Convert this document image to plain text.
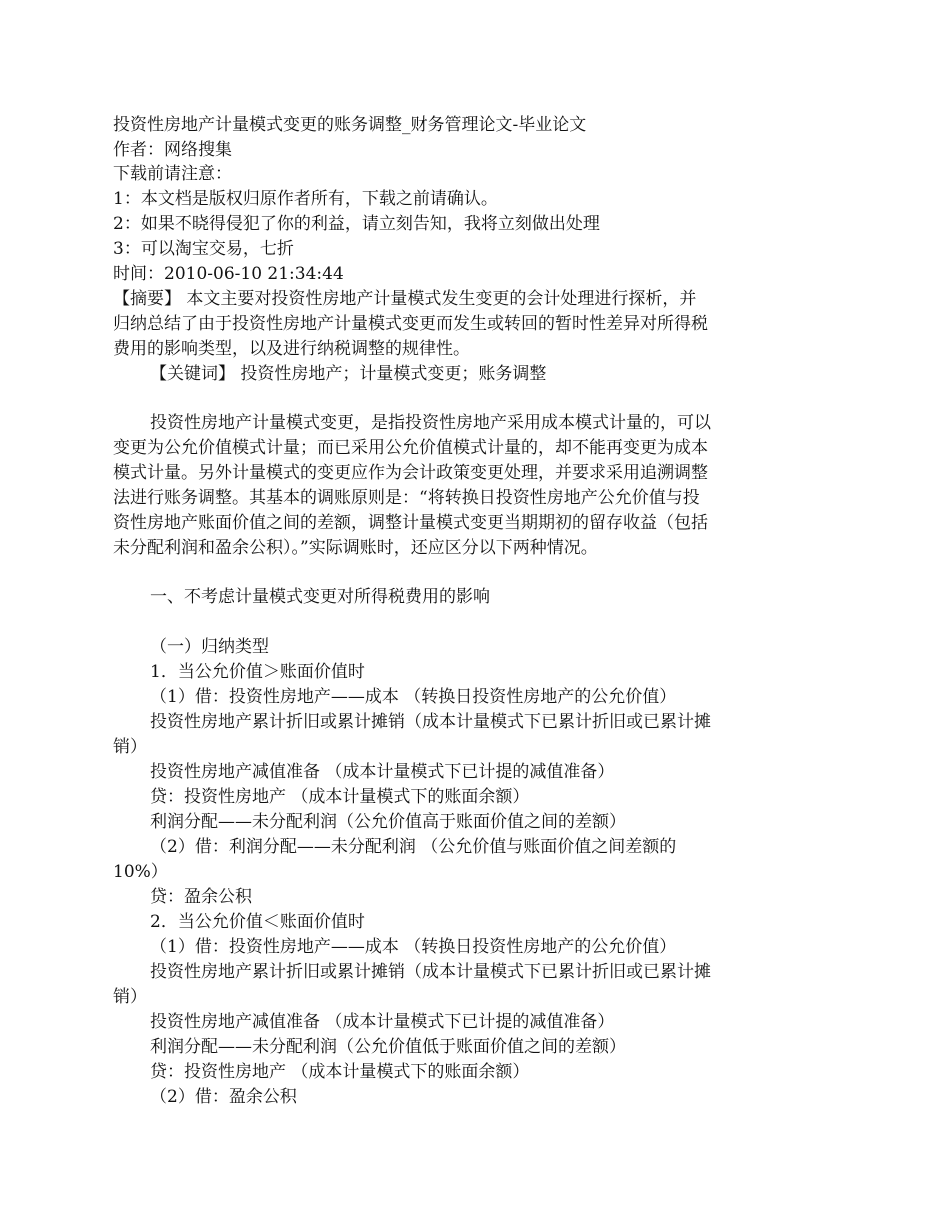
投资性房地产计量模式变更的账务调整_财务管理论文-毕业论文
作者：网络搜集
下载前请注意：
1：本文档是版权归原作者所有，下载之前请确认。
2：如果不晓得侵犯了你的利益，请立刻告知，我将立刻做出处理
3：可以淘宝交易，七折
时间：2010-06-10 21:34:44
【摘要】 本文主要对投资性房地产计量模式发生变更的会计处理进行探析，并
归纳总结了由于投资性房地产计量模式变更而发生或转回的暂时性差异对所得税
费用的影响类型，以及进行纳税调整的规律性。
【关键词】 投资性房地产；计量模式变更；账务调整
投资性房地产计量模式变更，是指投资性房地产采用成本模式计量的，可以
变更为公允价值模式计量；而已采用公允价值模式计量的，却不能再变更为成本
模式计量。另外计量模式的变更应作为会计政策变更处理，并要求采用追溯调整
法进行账务调整。其基本的调账原则是：“将转换日投资性房地产公允价值与投
资性房地产账面价值之间的差额，调整计量模式变更当期期初的留存收益（包括
未分配利润和盈余公积）。”实际调账时，还应区分以下两种情况。
一、不考虑计量模式变更对所得税费用的影响
（一）归纳类型
1．当公允价值＞账面价值时
（1）借：投资性房地产——成本 （转换日投资性房地产的公允价值）
投资性房地产累计折旧或累计摊销（成本计量模式下已累计折旧或已累计摊
销）
投资性房地产减值准备 （成本计量模式下已计提的减值准备）
贷：投资性房地产 （成本计量模式下的账面余额）
利润分配——未分配利润（公允价值高于账面价值之间的差额）
（2）借：利润分配——未分配利润 （公允价值与账面价值之间差额的
10%）
贷：盈余公积
2．当公允价值＜账面价值时
（1）借：投资性房地产——成本 （转换日投资性房地产的公允价值）
投资性房地产累计折旧或累计摊销（成本计量模式下已累计折旧或已累计摊
销）
投资性房地产减值准备 （成本计量模式下已计提的减值准备）
利润分配——未分配利润（公允价值低于账面价值之间的差额）
贷：投资性房地产 （成本计量模式下的账面余额）
（2）借：盈余公积
